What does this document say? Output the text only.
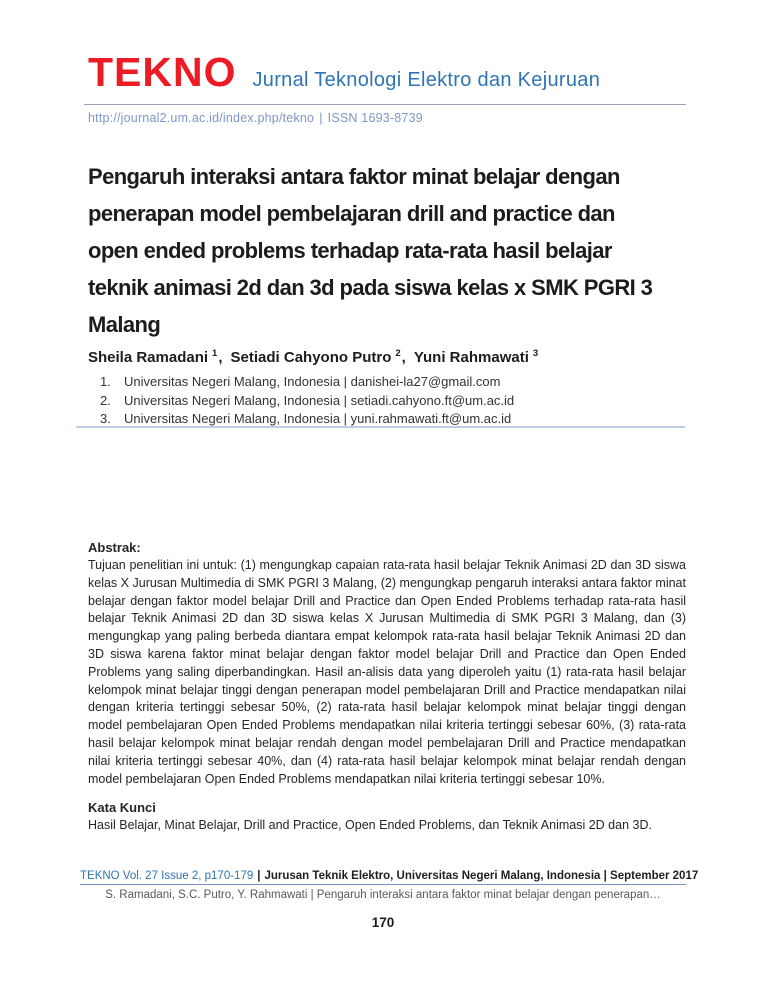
TEKNO Jurnal Teknologi Elektro dan Kejuruan
http://journal2.um.ac.id/index.php/tekno | ISSN 1693-8739
Pengaruh interaksi antara faktor minat belajar dengan
penerapan model pembelajaran drill and practice dan
open ended problems terhadap rata-rata hasil belajar
teknik animasi 2d dan 3d pada siswa kelas x SMK PGRI 3
Malang
Sheila Ramadani $^1$, Setiadi Cahyono Putro $^2$, Yuni Rahmawati $^3$
1.	Universitas Negeri Malang, Indonesia | danishei-la27@gmail.com
2.	Universitas Negeri Malang, Indonesia | setiadi.cahyono.ft@um.ac.id
3.	Universitas Negeri Malang, Indonesia | yuni.rahmawati.ft@um.ac.id
Abstrak:
Tujuan penelitian ini untuk: (1) mengungkap capaian rata-rata hasil belajar Teknik Animasi 2D dan 3D siswa kelas X Jurusan Multimedia di SMK PGRI 3 Malang, (2) mengungkap pengaruh interaksi antara faktor minat belajar dengan faktor model belajar Drill and Practice dan Open Ended Problems terhadap rata-rata hasil belajar Teknik Animasi 2D dan 3D siswa kelas X Jurusan Multimedia di SMK PGRI 3 Malang, dan (3) mengungkap yang paling berbeda diantara empat kelompok rata-rata hasil belajar Teknik Animasi 2D dan 3D siswa karena faktor minat belajar dengan faktor model belajar Drill and Practice dan Open Ended Problems yang saling diperbandingkan. Hasil an-alisis data yang diperoleh yaitu (1) rata-rata hasil belajar kelompok minat belajar tinggi dengan penerapan model pembelajaran Drill and Practice mendapatkan nilai dengan kriteria tertinggi sebesar 50%, (2) rata-rata hasil belajar kelompok minat belajar tinggi dengan model pembelajaran Open Ended Problems mendapatkan nilai kriteria tertinggi sebesar 60%, (3) rata-rata hasil belajar kelompok minat belajar rendah dengan model pembelajaran Drill and Practice mendapatkan nilai kriteria tertinggi sebesar 40%, dan (4) rata-rata hasil belajar kelompok minat belajar rendah dengan model pembelajaran Open Ended Problems mendapatkan nilai kriteria tertinggi sebesar 10%.
Kata Kunci
Hasil Belajar, Minat Belajar, Drill and Practice, Open Ended Problems, dan Teknik Animasi 2D dan 3D.
TEKNO Vol. 27 Issue 2, p170-179 | Jurusan Teknik Elektro, Universitas Negeri Malang, Indonesia | September 2017
S. Ramadani, S.C. Putro, Y. Rahmawati | Pengaruh interaksi antara faktor minat belajar dengan penerapan…
170
